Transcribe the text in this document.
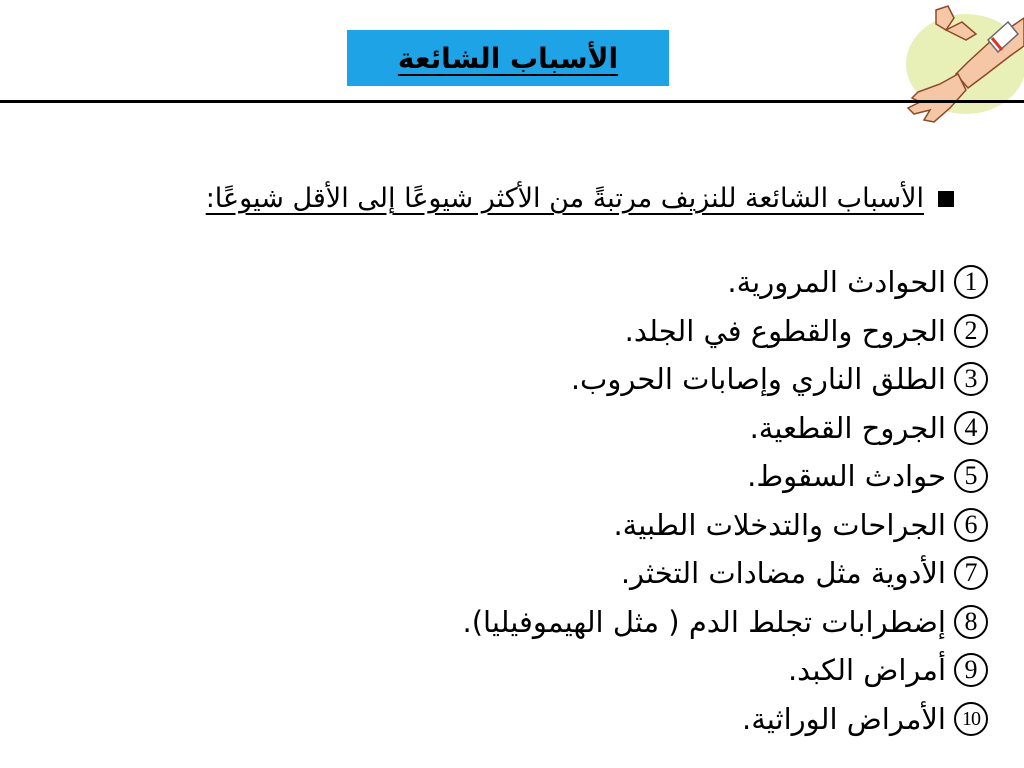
الأسباب الشائعة
الأسباب الشائعة للنزيف مرتبةً من الأكثر شيوعًا إلى الأقل شيوعًا:
1
الحوادث المرورية.
2
الجروح والقطوع في الجلد.
3
الطلق الناري وإصابات الحروب.
4
الجروح القطعية.
5
حوادث السقوط.
6
الجراحات والتدخلات الطبية.
7
الأدوية مثل مضادات التخثر.
8
إضطرابات تجلط الدم ( مثل الهيموفيليا).
9
أمراض الكبد.
10
الأمراض الوراثية.
